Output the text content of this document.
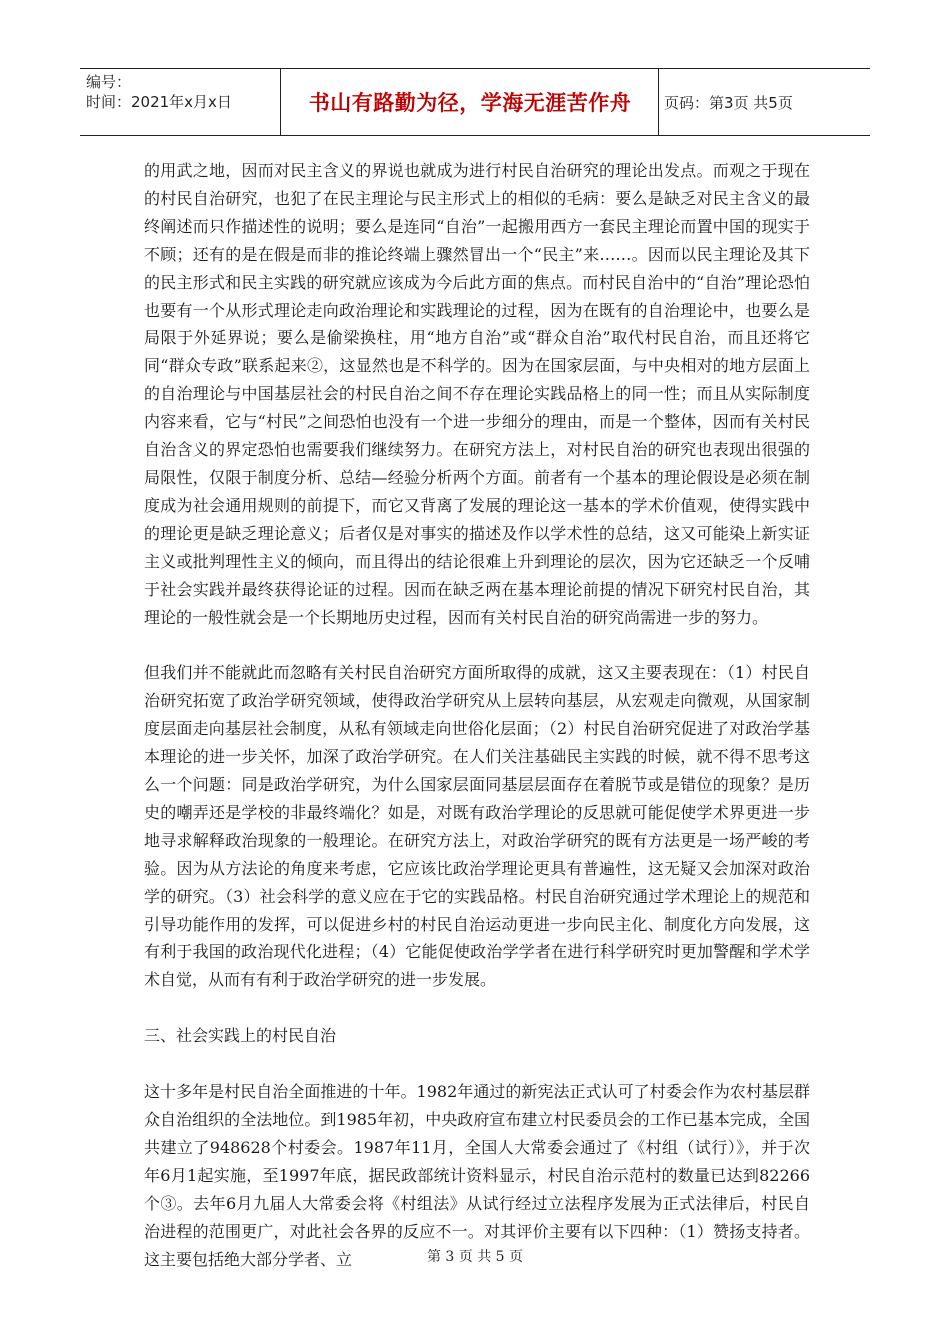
编号：
时间：2021年x月x日	书山有路勤为径，学海无涯苦作舟	页码：第3页 共5页

的用武之地，因而对民主含义的界说也就成为进行村民自治研究的理论出发点。而观之于现在的村民自治研究，也犯了在民主理论与民主形式上的相似的毛病：要么是缺乏对民主含义的最终阐述而只作描述性的说明；要么是连同“自治”一起搬用西方一套民主理论而置中国的现实于不顾；还有的是在假是而非的推论终端上骤然冒出一个“民主”来……。因而以民主理论及其下的民主形式和民主实践的研究就应该成为今后此方面的焦点。而村民自治中的“自治”理论恐怕也要有一个从形式理论走向政治理论和实践理论的过程，因为在既有的自治理论中，也要么是局限于外延界说；要么是偷梁换柱，用“地方自治”或“群众自治”取代村民自治，而且还将它同“群众专政”联系起来②，这显然也是不科学的。因为在国家层面，与中央相对的地方层面上的自治理论与中国基层社会的村民自治之间不存在理论实践品格上的同一性；而且从实际制度内容来看，它与“村民”之间恐怕也没有一个进一步细分的理由，而是一个整体，因而有关村民自治含义的界定恐怕也需要我们继续努力。在研究方法上，对村民自治的研究也表现出很强的局限性，仅限于制度分析、总结—经验分析两个方面。前者有一个基本的理论假设是必须在制度成为社会通用规则的前提下，而它又背离了发展的理论这一基本的学术价值观，使得实践中的理论更是缺乏理论意义；后者仅是对事实的描述及作以学术性的总结，这又可能染上新实证主义或批判理性主义的倾向，而且得出的结论很难上升到理论的层次，因为它还缺乏一个反哺于社会实践并最终获得论证的过程。因而在缺乏两在基本理论前提的情况下研究村民自治，其理论的一般性就会是一个长期地历史过程，因而有关村民自治的研究尚需进一步的努力。

但我们并不能就此而忽略有关村民自治研究方面所取得的成就，这又主要表现在：（1）村民自治研究拓宽了政治学研究领域，使得政治学研究从上层转向基层，从宏观走向微观，从国家制度层面走向基层社会制度，从私有领域走向世俗化层面；（2）村民自治研究促进了对政治学基本理论的进一步关怀，加深了政治学研究。在人们关注基础民主实践的时候，就不得不思考这么一个问题：同是政治学研究，为什么国家层面同基层层面存在着脱节或是错位的现象？是历史的嘲弄还是学校的非最终端化？如是，对既有政治学理论的反思就可能促使学术界更进一步地寻求解释政治现象的一般理论。在研究方法上，对政治学研究的既有方法更是一场严峻的考验。因为从方法论的角度来考虑，它应该比政治学理论更具有普遍性，这无疑又会加深对政治学的研究。（3）社会科学的意义应在于它的实践品格。村民自治研究通过学术理论上的规范和引导功能作用的发挥，可以促进乡村的村民自治运动更进一步向民主化、制度化方向发展，这有利于我国的政治现代化进程；（4）它能促使政治学学者在进行科学研究时更加警醒和学术学术自觉，从而有有利于政治学研究的进一步发展。

三、社会实践上的村民自治

这十多年是村民自治全面推进的十年。1982年通过的新宪法正式认可了村委会作为农村基层群众自治组织的全法地位。到1985年初，中央政府宣布建立村民委员会的工作已基本完成，全国共建立了948628个村委会。1987年11月，全国人大常委会通过了《村组（试行）》，并于次年6月1起实施，至1997年底，据民政部统计资料显示，村民自治示范村的数量已达到82266个③。去年6月九届人大常委会将《村组法》从试行经过立法程序发展为正式法律后，村民自治进程的范围更广，对此社会各界的反应不一。对其评价主要有以下四种：（1）赞扬支持者。这主要包括绝大部分学者、立	第 3 页 共 5 页
